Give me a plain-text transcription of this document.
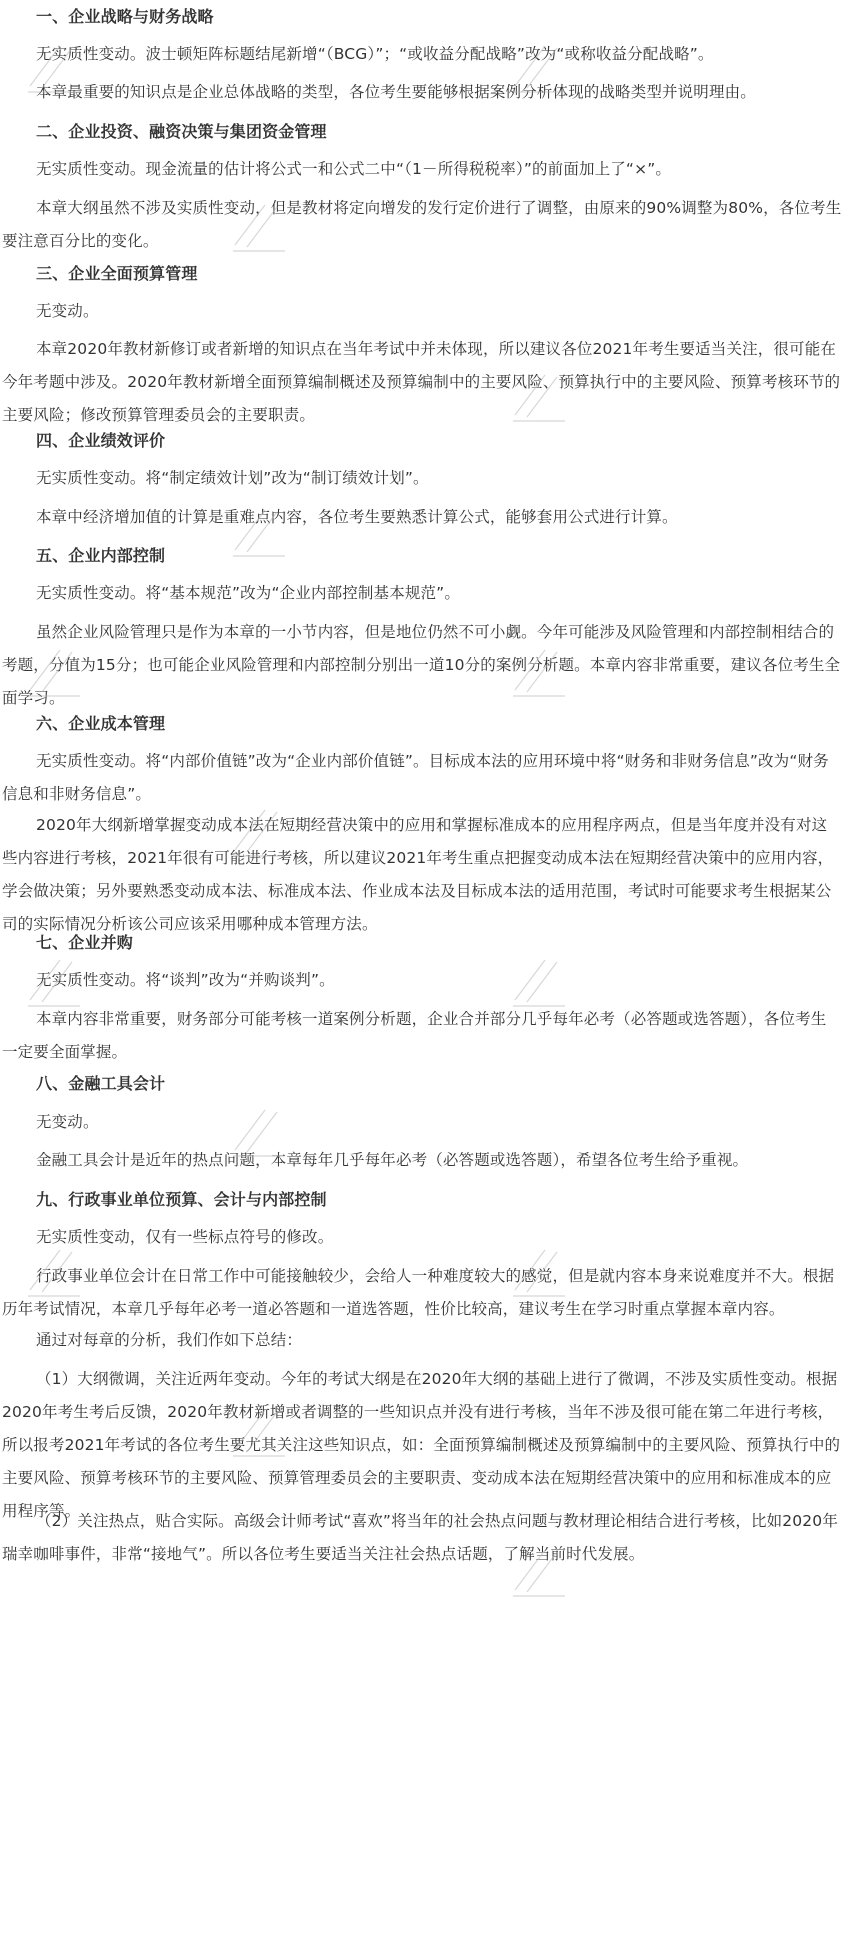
一、企业战略与财务战略
无实质性变动。波士顿矩阵标题结尾新增“（BCG）”；“或收益分配战略”改为“或称收益分配战略”。
本章最重要的知识点是企业总体战略的类型，各位考生要能够根据案例分析体现的战略类型并说明理由。
二、企业投资、融资决策与集团资金管理
无实质性变动。现金流量的估计将公式一和公式二中“（1－所得税税率）”的前面加上了“×”。
本章大纲虽然不涉及实质性变动，但是教材将定向增发的发行定价进行了调整，由原来的90%调整为80%，各位考生要注意百分比的变化。
三、企业全面预算管理
无变动。
本章2020年教材新修订或者新增的知识点在当年考试中并未体现，所以建议各位2021年考生要适当关注，很可能在今年考题中涉及。2020年教材新增全面预算编制概述及预算编制中的主要风险、预算执行中的主要风险、预算考核环节的主要风险；修改预算管理委员会的主要职责。
四、企业绩效评价
无实质性变动。将“制定绩效计划”改为“制订绩效计划”。
本章中经济增加值的计算是重难点内容，各位考生要熟悉计算公式，能够套用公式进行计算。
五、企业内部控制
无实质性变动。将“基本规范”改为“企业内部控制基本规范”。
虽然企业风险管理只是作为本章的一小节内容，但是地位仍然不可小觑。今年可能涉及风险管理和内部控制相结合的考题，分值为15分；也可能企业风险管理和内部控制分别出一道10分的案例分析题。本章内容非常重要，建议各位考生全面学习。
六、企业成本管理
无实质性变动。将“内部价值链”改为“企业内部价值链”。目标成本法的应用环境中将“财务和非财务信息”改为“财务信息和非财务信息”。
2020年大纲新增掌握变动成本法在短期经营决策中的应用和掌握标准成本的应用程序两点，但是当年度并没有对这些内容进行考核，2021年很有可能进行考核，所以建议2021年考生重点把握变动成本法在短期经营决策中的应用内容，学会做决策；另外要熟悉变动成本法、标准成本法、作业成本法及目标成本法的适用范围，考试时可能要求考生根据某公司的实际情况分析该公司应该采用哪种成本管理方法。
七、企业并购
无实质性变动。将“谈判”改为“并购谈判”。
本章内容非常重要，财务部分可能考核一道案例分析题，企业合并部分几乎每年必考（必答题或选答题），各位考生一定要全面掌握。
八、金融工具会计
无变动。
金融工具会计是近年的热点问题，本章每年几乎每年必考（必答题或选答题），希望各位考生给予重视。
九、行政事业单位预算、会计与内部控制
无实质性变动，仅有一些标点符号的修改。
行政事业单位会计在日常工作中可能接触较少，会给人一种难度较大的感觉，但是就内容本身来说难度并不大。根据历年考试情况，本章几乎每年必考一道必答题和一道选答题，性价比较高，建议考生在学习时重点掌握本章内容。
通过对每章的分析，我们作如下总结：
（1）大纲微调，关注近两年变动。今年的考试大纲是在2020年大纲的基础上进行了微调，不涉及实质性变动。根据2020年考生考后反馈，2020年教材新增或者调整的一些知识点并没有进行考核，当年不涉及很可能在第二年进行考核，所以报考2021年考试的各位考生要尤其关注这些知识点，如：全面预算编制概述及预算编制中的主要风险、预算执行中的主要风险、预算考核环节的主要风险、预算管理委员会的主要职责、变动成本法在短期经营决策中的应用和标准成本的应用程序等。
（2）关注热点，贴合实际。高级会计师考试“喜欢”将当年的社会热点问题与教材理论相结合进行考核，比如2020年瑞幸咖啡事件，非常“接地气”。所以各位考生要适当关注社会热点话题，了解当前时代发展。
